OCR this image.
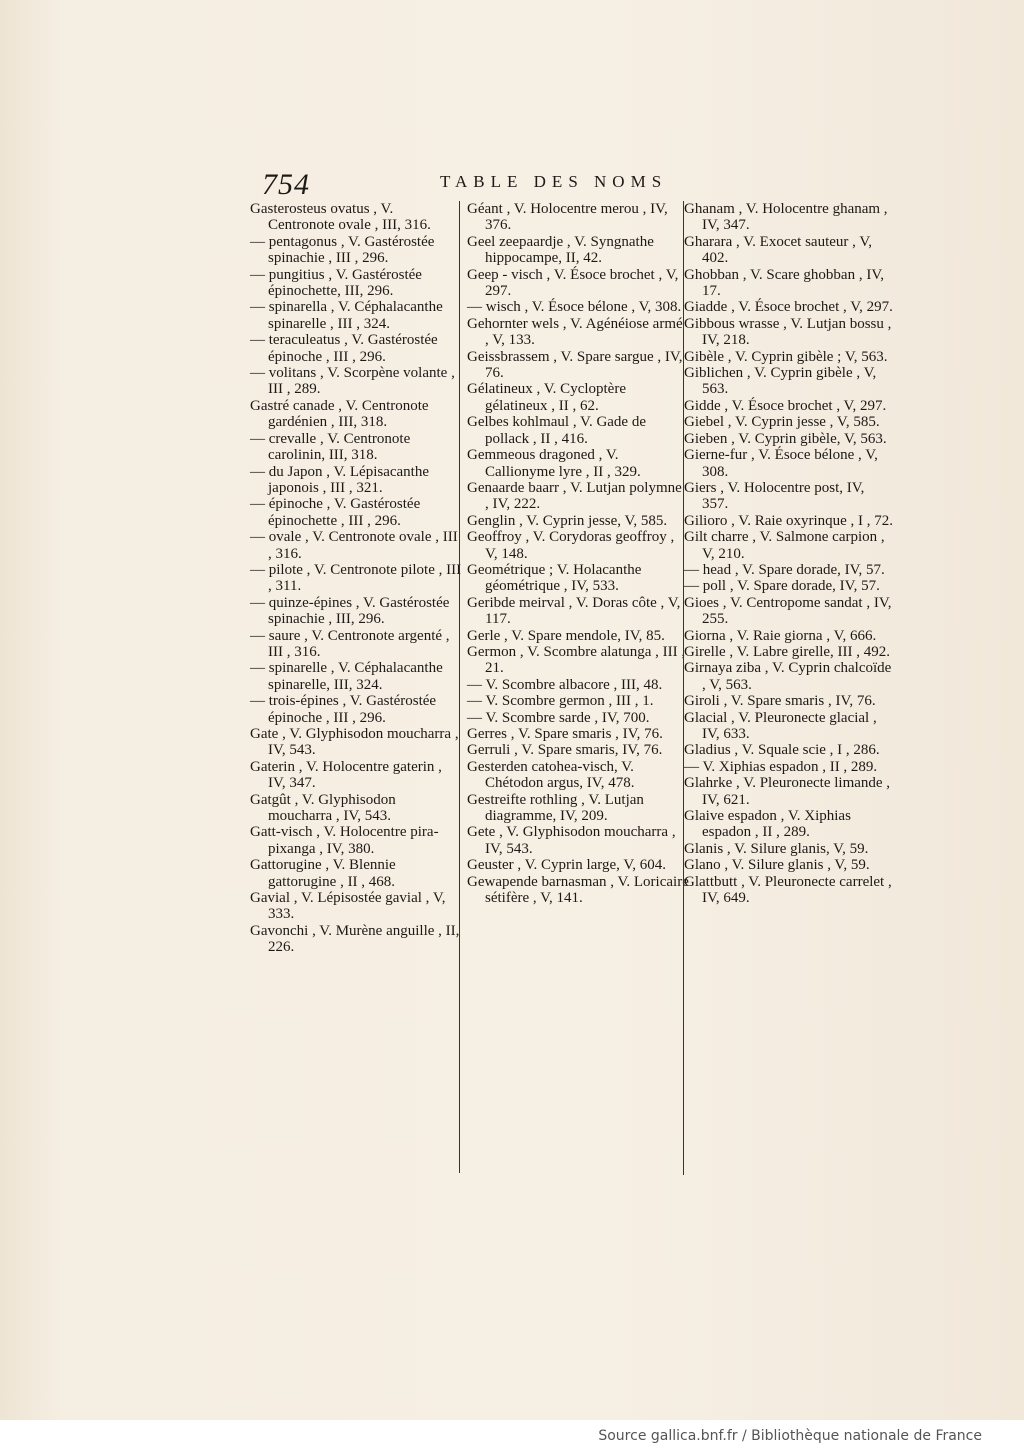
754	TABLE DES NOMS

Gasterosteus ovatus , V. Centronote ovale , III, 316.

— pentagonus , V. Gastérostée spinachie , III , 296.

— pungitius , V. Gastérostée épinochette, III, 296.

— spinarella , V. Céphalacanthe spinarelle , III , 324.

— teraculeatus , V. Gastérostée épinoche , III , 296.

— volitans , V. Scorpène volante , III , 289.

Gastré canade , V. Centronote gardénien , III, 318.

— crevalle , V. Centronote carolinin, III, 318.

— du Japon , V. Lépisacanthe japonois , III , 321.

— épinoche , V. Gastérostée épinochette , III , 296.

— ovale , V. Centronote ovale , III , 316.

— pilote , V. Centronote pilote , III , 311.

— quinze-épines , V. Gastérostée spinachie , III, 296.

— saure , V. Centronote argenté , III , 316.

— spinarelle , V. Céphalacanthe spinarelle, III, 324.

— trois-épines , V. Gastérostée épinoche , III , 296.

Gate , V. Glyphisodon moucharra , IV, 543.

Gaterin , V. Holocentre gaterin , IV, 347.

Gatgût , V. Glyphisodon moucharra , IV, 543.

Gatt-visch , V. Holocentre pira-pixanga , IV, 380.

Gattorugine , V. Blennie gattorugine , II , 468.

Gavial , V. Lépisostée gavial , V, 333.

Gavonchi , V. Murène anguille , II, 226.

Géant , V. Holocentre merou , IV, 376.

Geel zeepaardje , V. Syngnathe hippocampe, II, 42.

Geep - visch , V. Ésoce brochet , V, 297.

— wisch , V. Ésoce bélone , V, 308.

Gehornter wels , V. Agénéiose armé , V, 133.

Geissbrassem , V. Spare sargue , IV, 76.

Gélatineux , V. Cycloptère gélatineux , II , 62.

Gelbes kohlmaul , V. Gade de pollack , II , 416.

Gemmeous dragoned , V. Callionyme lyre , II , 329.

Genaarde baarr , V. Lutjan polymne , IV, 222.

Genglin , V. Cyprin jesse, V, 585.

Geoffroy , V. Corydoras geoffroy , V, 148.

Geométrique ; V. Holacanthe géométrique , IV, 533.

Geribde meirval , V. Doras côte , V, 117.

Gerle , V. Spare mendole, IV, 85.

Germon , V. Scombre alatunga , III , 21.

— V. Scombre albacore , III, 48.

— V. Scombre germon , III , 1.

— V. Scombre sarde , IV, 700.

Gerres , V. Spare smaris , IV, 76.

Gerruli , V. Spare smaris, IV, 76.

Gesterden catohea-visch, V. Chétodon argus, IV, 478.

Gestreifte rothling , V. Lutjan diagramme, IV, 209.

Gete , V. Glyphisodon moucharra , IV, 543.

Geuster , V. Cyprin large, V, 604.

Gewapende barnasman , V. Loricaire sétifère , V, 141.

Ghanam , V. Holocentre ghanam , IV, 347.

Gharara , V. Exocet sauteur , V, 402.

Ghobban , V. Scare ghobban , IV, 17.

Giadde , V. Ésoce brochet , V, 297.

Gibbous wrasse , V. Lutjan bossu , IV, 218.

Gibèle , V. Cyprin gibèle ; V, 563.

Giblichen , V. Cyprin gibèle , V, 563.

Gidde , V. Ésoce brochet , V, 297.

Giebel , V. Cyprin jesse , V, 585.

Gieben , V. Cyprin gibèle, V, 563.

Gierne-fur , V. Ésoce bélone , V, 308.

Giers , V. Holocentre post, IV, 357.

Gilioro , V. Raie oxyrinque , I , 72.

Gilt charre , V. Salmone carpion , V, 210.

— head , V. Spare dorade, IV, 57.

— poll , V. Spare dorade, IV, 57.

Gioes , V. Centropome sandat , IV, 255.

Giorna , V. Raie giorna , V, 666.

Girelle , V. Labre girelle, III , 492.

Girnaya ziba , V. Cyprin chalcoïde , V, 563.

Giroli , V. Spare smaris , IV, 76.

Glacial , V. Pleuronecte glacial , IV, 633.

Gladius , V. Squale scie , I , 286.

— V. Xiphias espadon , II , 289.

Glahrke , V. Pleuronecte limande , IV, 621.

Glaive espadon , V. Xiphias espadon , II , 289.

Glanis , V. Silure glanis, V, 59.

Glano , V. Silure glanis , V, 59.

Glattbutt , V. Pleuronecte carrelet , IV, 649.

Source gallica.bnf.fr / Bibliothèque nationale de France
